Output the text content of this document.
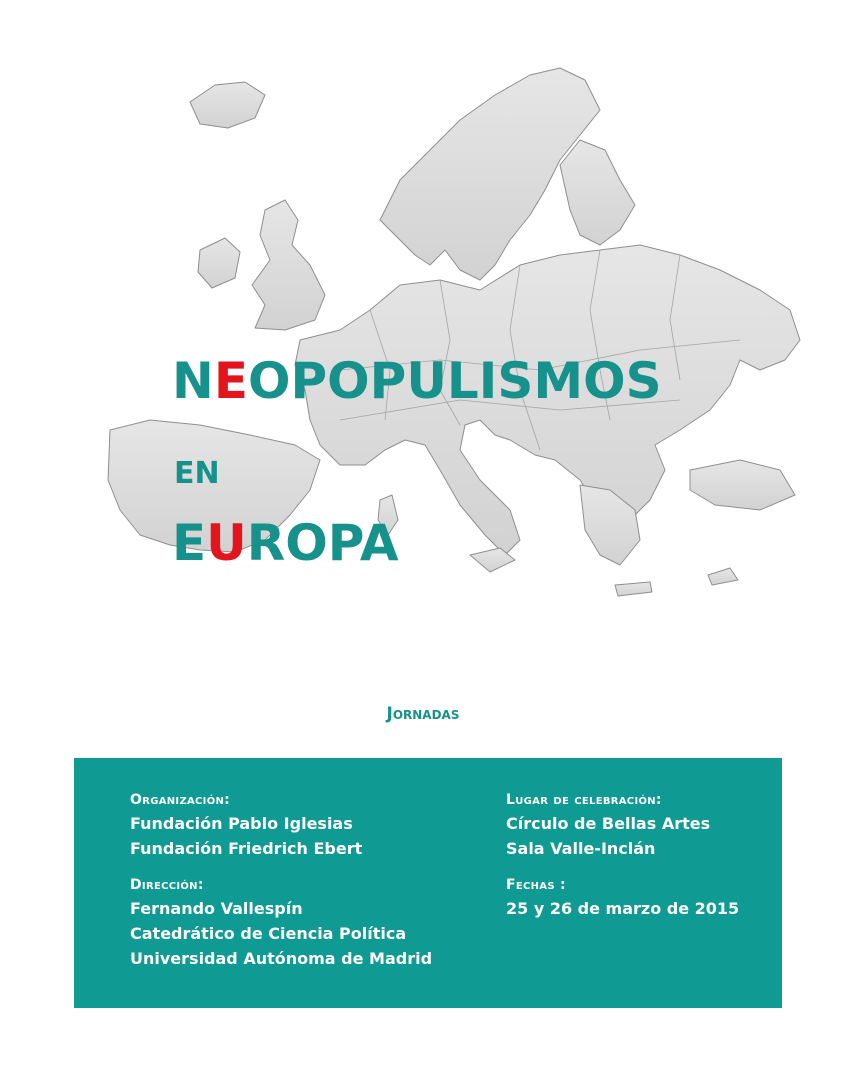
NEOPOPULISMOS
EN
EUROPA
Jornadas
Organización:
Fundación Pablo Iglesias
Fundación Friedrich Ebert
Dirección:
Fernando Vallespín
Catedrático de Ciencia Política
Universidad Autónoma de Madrid
Lugar de celebración:
Círculo de Bellas Artes
Sala Valle-Inclán
Fechas :
25 y 26 de marzo de 2015
